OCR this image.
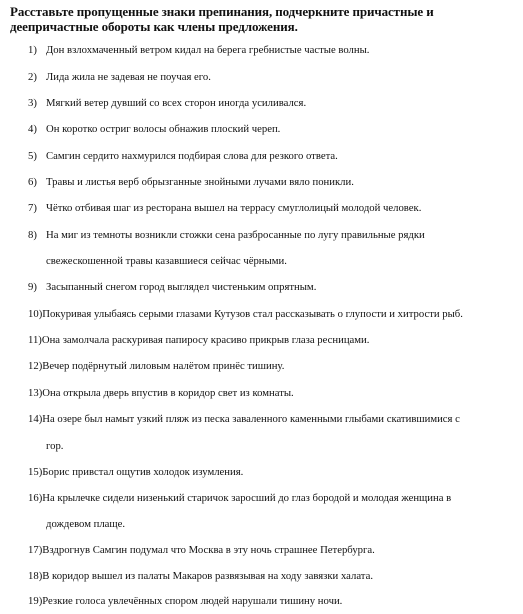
Расставьте пропущенные знаки препинания, подчеркните причастные и
деепричастные обороты как члены предложения.
1) Дон взлохмаченный ветром кидал на берега гребнистые частые волны.
2) Лида жила не задевая не поучая его.
3) Мягкий ветер дувший со всех сторон иногда усиливался.
4) Он коротко остриг волосы обнажив плоский череп.
5) Самгин сердито нахмурился подбирая слова для резкого ответа.
6) Травы и листья верб обрызганные знойными лучами вяло поникли.
7) Чётко отбивая шаг из ресторана вышел на террасу смуглолицый молодой человек.
8) На миг из темноты возникли стожки сена разбросанные по лугу правильные рядки
свежескошенной травы казавшиеся сейчас чёрными.
9) Засыпанный снегом город выглядел чистеньким опрятным.
10)Покуривая улыбаясь серыми глазами Кутузов стал рассказывать о глупости и хитрости рыб.
11)Она замолчала раскуривая папиросу красиво прикрыв глаза ресницами.
12)Вечер подёрнутый лиловым налётом принёс тишину.
13)Она открыла дверь впустив в коридор свет из комнаты.
14)На озере был намыт узкий пляж из песка заваленного каменными глыбами скатившимися с
гор.
15)Борис привстал ощутив холодок изумления.
16)На крылечке сидели низенький старичок заросший до глаз бородой и молодая женщина в
дождевом плаще.
17)Вздрогнув Самгин подумал что Москва в эту ночь страшнее Петербурга.
18)В коридор вышел из палаты Макаров развязывая на ходу завязки халата.
19)Резкие голоса увлечённых спором людей нарушали тишину ночи.
